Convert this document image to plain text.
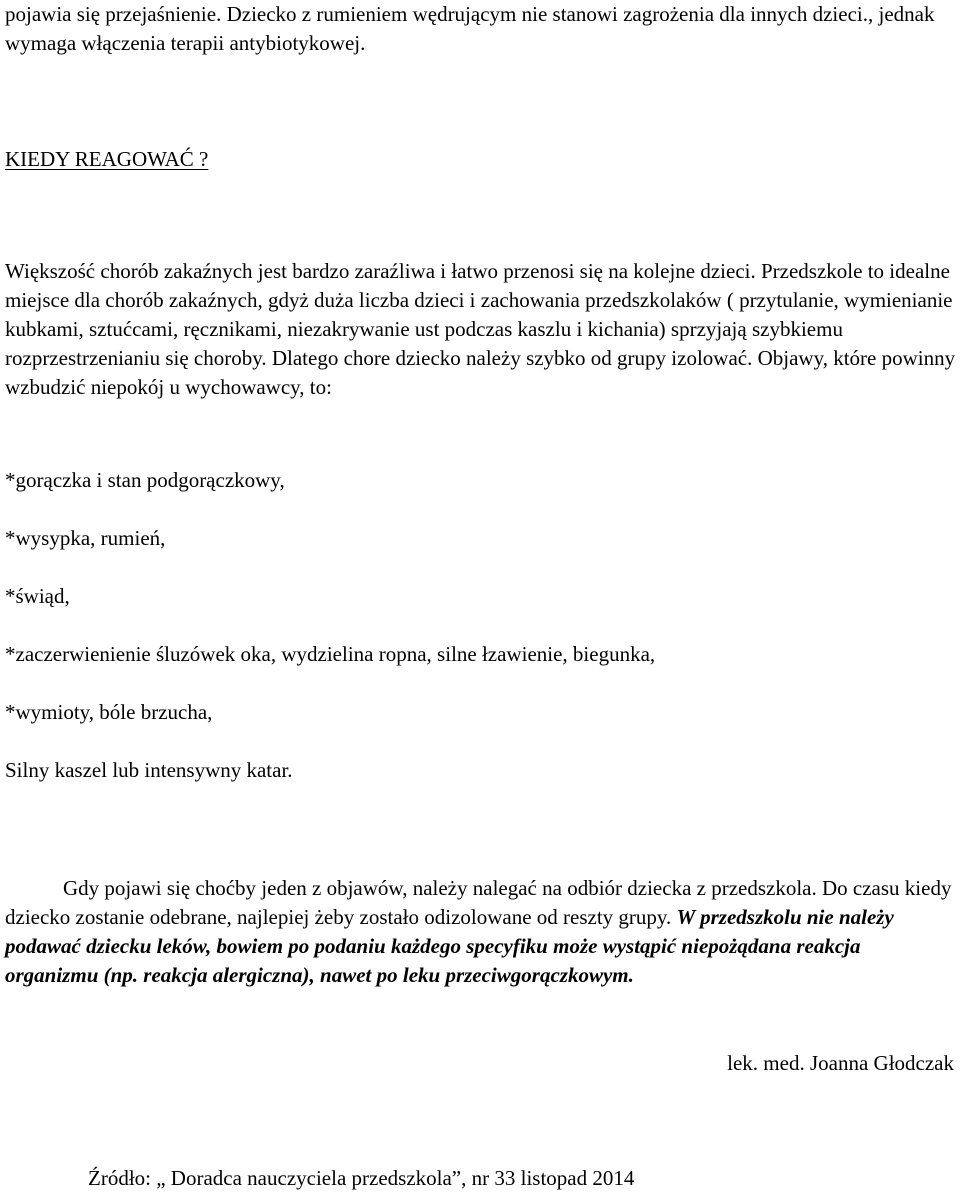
pojawia się przejaśnienie. Dziecko z rumieniem wędrującym nie stanowi zagrożenia dla innych dzieci., jednak wymaga włączenia terapii antybiotykowej.

KIEDY REAGOWAĆ ?

Większość chorób zakaźnych jest bardzo zaraźliwa i łatwo przenosi się na kolejne dzieci. Przedszkole to idealne miejsce dla chorób zakaźnych, gdyż duża liczba dzieci i zachowania przedszkolaków ( przytulanie, wymienianie kubkami, sztućcami, ręcznikami, niezakrywanie ust podczas kaszlu i kichania) sprzyjają szybkiemu rozprzestrzenianiu się choroby. Dlatego chore dziecko należy szybko od grupy izolować. Objawy, które powinny wzbudzić niepokój u wychowawcy, to:

*gorączka i stan podgorączkowy,
*wysypka, rumień,
*świąd,
*zaczerwienienie śluzówek oka, wydzielina ropna, silne łzawienie, biegunka,
*wymioty, bóle brzucha,
Silny kaszel lub intensywny katar.

Gdy pojawi się choćby jeden z objawów, należy nalegać na odbiór dziecka z przedszkola. Do czasu kiedy dziecko zostanie odebrane, najlepiej żeby zostało odizolowane od reszty grupy. W przedszkolu nie należy podawać dziecku leków, bowiem po podaniu każdego specyfiku może wystąpić niepożądana reakcja organizmu (np. reakcja alergiczna), nawet po leku przeciwgorączkowym.

lek. med. Joanna Głodczak

Źródło: „ Doradca nauczyciela przedszkola”, nr 33 listopad 2014
